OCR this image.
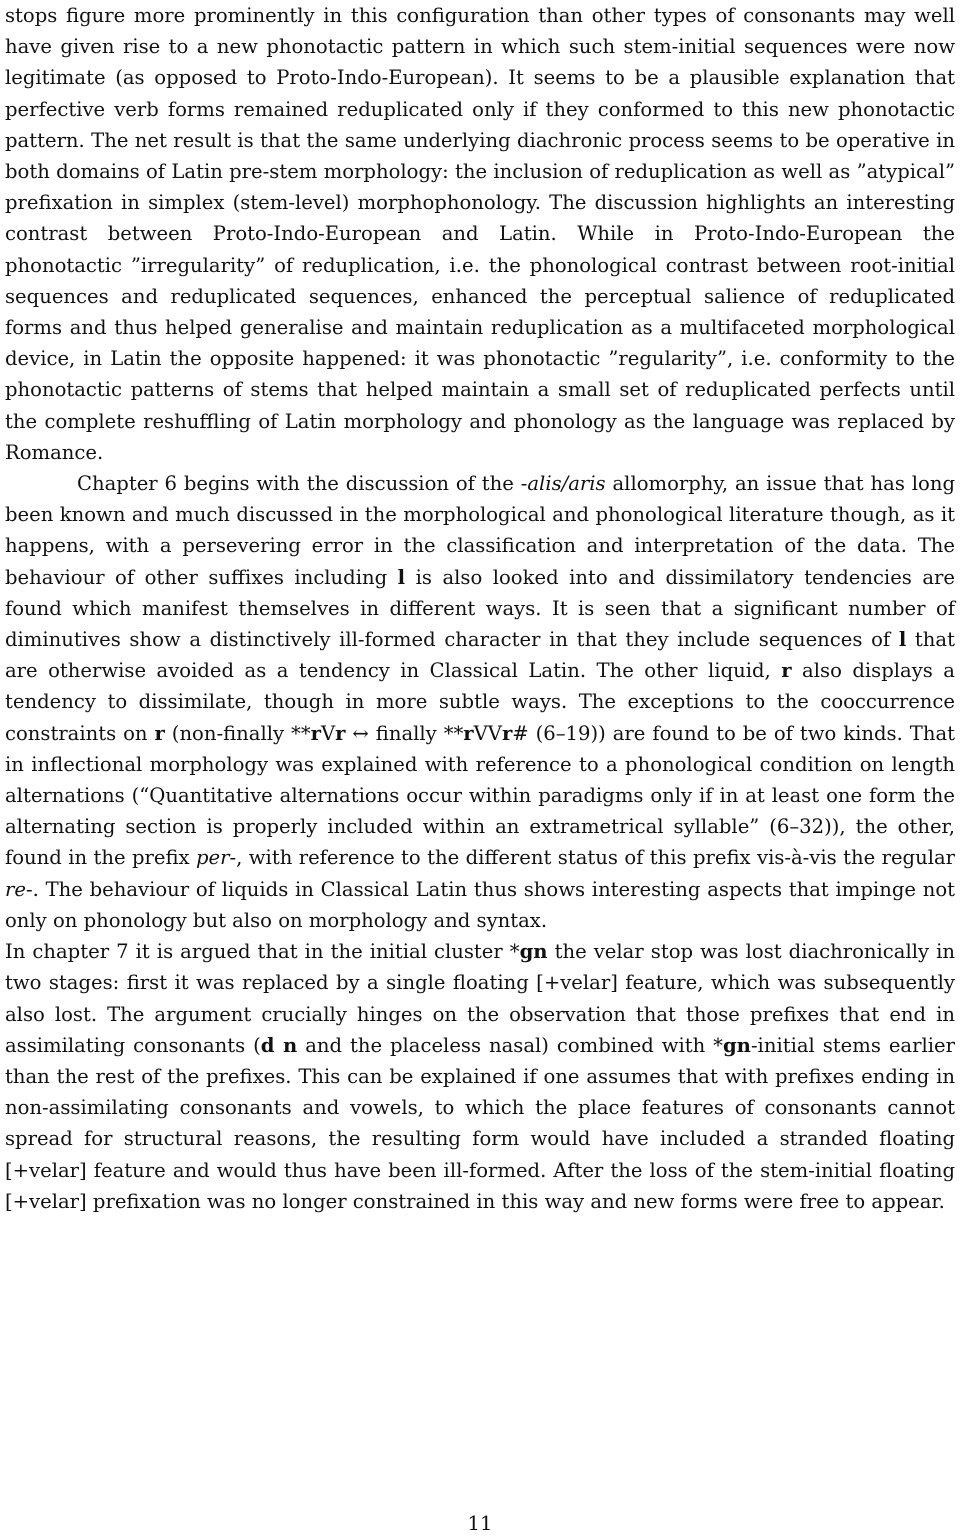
stops figure more prominently in this configuration than other types of consonants may well have given rise to a new phonotactic pattern in which such stem-initial sequences were now legitimate (as opposed to Proto-Indo-European). It seems to be a plausible explanation that perfective verb forms remained reduplicated only if they conformed to this new phonotactic pattern. The net result is that the same underlying diachronic process seems to be operative in both domains of Latin pre-stem morphology: the inclusion of reduplication as well as ”atypical” prefixation in simplex (stem-level) morphophonology. The discussion highlights an interesting contrast between Proto-Indo-European and Latin. While in Proto-Indo-European the phonotactic ”irregularity” of reduplication, i.e. the phonological contrast between root-initial sequences and reduplicated sequences, enhanced the perceptual salience of reduplicated forms and thus helped generalise and maintain reduplication as a multifaceted morphological device, in Latin the opposite happened: it was phonotactic ”regularity”, i.e. conformity to the phonotactic patterns of stems that helped maintain a small set of reduplicated perfects until the complete reshuffling of Latin morphology and phonology as the language was replaced by Romance.

Chapter 6 begins with the discussion of the -alis/aris allomorphy, an issue that has long been known and much discussed in the morphological and phonological literature though, as it happens, with a persevering error in the classification and interpretation of the data. The behaviour of other suffixes including l is also looked into and dissimilatory tendencies are found which manifest themselves in different ways. It is seen that a significant number of diminutives show a distinctively ill-formed character in that they include sequences of l that are otherwise avoided as a tendency in Classical Latin. The other liquid, r also displays a tendency to dissimilate, though in more subtle ways. The exceptions to the cooccurrence constraints on r (non-finally **rVr ↔ finally **rVVr# (6–19)) are found to be of two kinds. That in inflectional morphology was explained with reference to a phonological condition on length alternations (“Quantitative alternations occur within paradigms only if in at least one form the alternating section is properly included within an extrametrical syllable” (6–32)), the other, found in the prefix per-, with reference to the different status of this prefix vis-à-vis the regular re-. The behaviour of liquids in Classical Latin thus shows interesting aspects that impinge not only on phonology but also on morphology and syntax.

In chapter 7 it is argued that in the initial cluster *gn the velar stop was lost diachronically in two stages: first it was replaced by a single floating [+velar] feature, which was subsequently also lost. The argument crucially hinges on the observation that those prefixes that end in assimilating consonants (d n and the placeless nasal) combined with *gn-initial stems earlier than the rest of the prefixes. This can be explained if one assumes that with prefixes ending in non-assimilating consonants and vowels, to which the place features of consonants cannot spread for structural reasons, the resulting form would have included a stranded floating [+velar] feature and would thus have been ill-formed. After the loss of the stem-initial floating [+velar] prefixation was no longer constrained in this way and new forms were free to appear.

11
